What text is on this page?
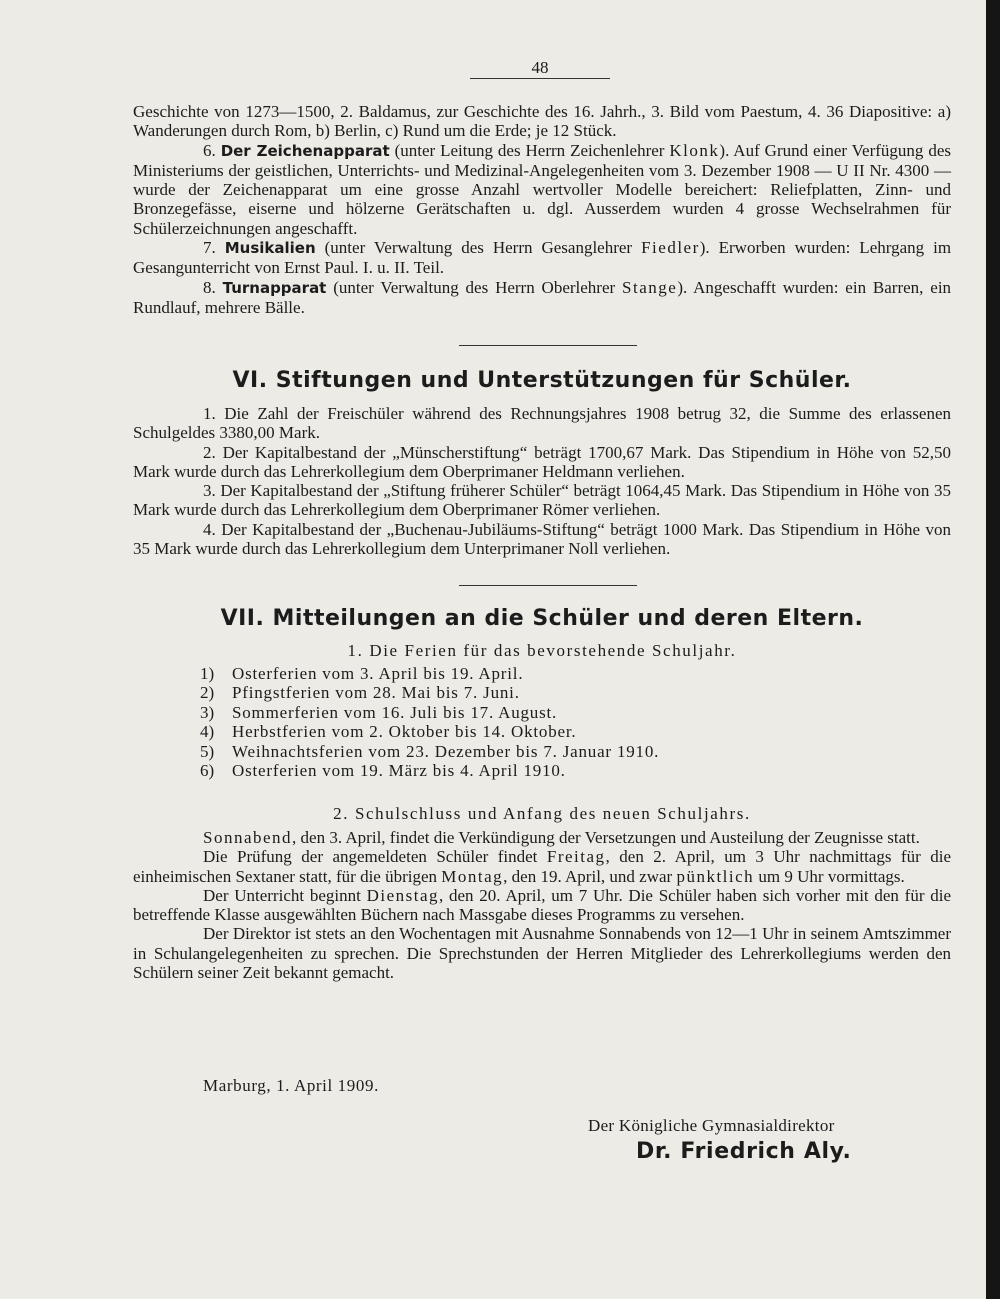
48

Geschichte von 1273—1500, 2. Baldamus, zur Geschichte des 16. Jahrh., 3. Bild vom Paestum, 4. 36 Diapositive: a) Wanderungen durch Rom, b) Berlin, c) Rund um die Erde; je 12 Stück.

6. Der Zeichenapparat (unter Leitung des Herrn Zeichenlehrer Klonk). Auf Grund einer Verfügung des Ministeriums der geistlichen, Unterrichts- und Medizinal-Angelegenheiten vom 3. Dezember 1908 — U II Nr. 4300 — wurde der Zeichenapparat um eine grosse Anzahl wertvoller Modelle bereichert: Reliefplatten, Zinn- und Bronzegefässe, eiserne und hölzerne Gerätschaften u. dgl. Ausserdem wurden 4 grosse Wechselrahmen für Schülerzeichnungen angeschafft.

7. Musikalien (unter Verwaltung des Herrn Gesanglehrer Fiedler). Erworben wurden: Lehrgang im Gesangunterricht von Ernst Paul. I. u. II. Teil.

8. Turnapparat (unter Verwaltung des Herrn Oberlehrer Stange). Angeschafft wurden: ein Barren, ein Rundlauf, mehrere Bälle.

VI. Stiftungen und Unterstützungen für Schüler.

1. Die Zahl der Freischüler während des Rechnungsjahres 1908 betrug 32, die Summe des erlassenen Schulgeldes 3380,00 Mark.

2. Der Kapitalbestand der „Münscherstiftung“ beträgt 1700,67 Mark. Das Stipendium in Höhe von 52,50 Mark wurde durch das Lehrerkollegium dem Oberprimaner Heldmann verliehen.

3. Der Kapitalbestand der „Stiftung früherer Schüler“ beträgt 1064,45 Mark. Das Stipendium in Höhe von 35 Mark wurde durch das Lehrerkollegium dem Oberprimaner Römer verliehen.

4. Der Kapitalbestand der „Buchenau-Jubiläums-Stiftung“ beträgt 1000 Mark. Das Stipendium in Höhe von 35 Mark wurde durch das Lehrerkollegium dem Unterprimaner Noll verliehen.

VII. Mitteilungen an die Schüler und deren Eltern.
1. Die Ferien für das bevorstehende Schuljahr.
1) Osterferien vom 3. April bis 19. April.
2) Pfingstferien vom 28. Mai bis 7. Juni.
3) Sommerferien vom 16. Juli bis 17. August.
4) Herbstferien vom 2. Oktober bis 14. Oktober.
5) Weihnachtsferien vom 23. Dezember bis 7. Januar 1910.
6) Osterferien vom 19. März bis 4. April 1910.
2. Schulschluss und Anfang des neuen Schuljahrs.

Sonnabend, den 3. April, findet die Verkündigung der Versetzungen und Austeilung der Zeugnisse statt.

Die Prüfung der angemeldeten Schüler findet Freitag, den 2. April, um 3 Uhr nachmittags für die einheimischen Sextaner statt, für die übrigen Montag, den 19. April, und zwar pünktlich um 9 Uhr vormittags.

Der Unterricht beginnt Dienstag, den 20. April, um 7 Uhr. Die Schüler haben sich vorher mit den für die betreffende Klasse ausgewählten Büchern nach Massgabe dieses Programms zu versehen.

Der Direktor ist stets an den Wochentagen mit Ausnahme Sonnabends von 12—1 Uhr in seinem Amtszimmer in Schulangelegenheiten zu sprechen. Die Sprechstunden der Herren Mitglieder des Lehrerkollegiums werden den Schülern seiner Zeit bekannt gemacht.

Marburg, 1. April 1909.
Der Königliche Gymnasialdirektor
Dr. Friedrich Aly.
